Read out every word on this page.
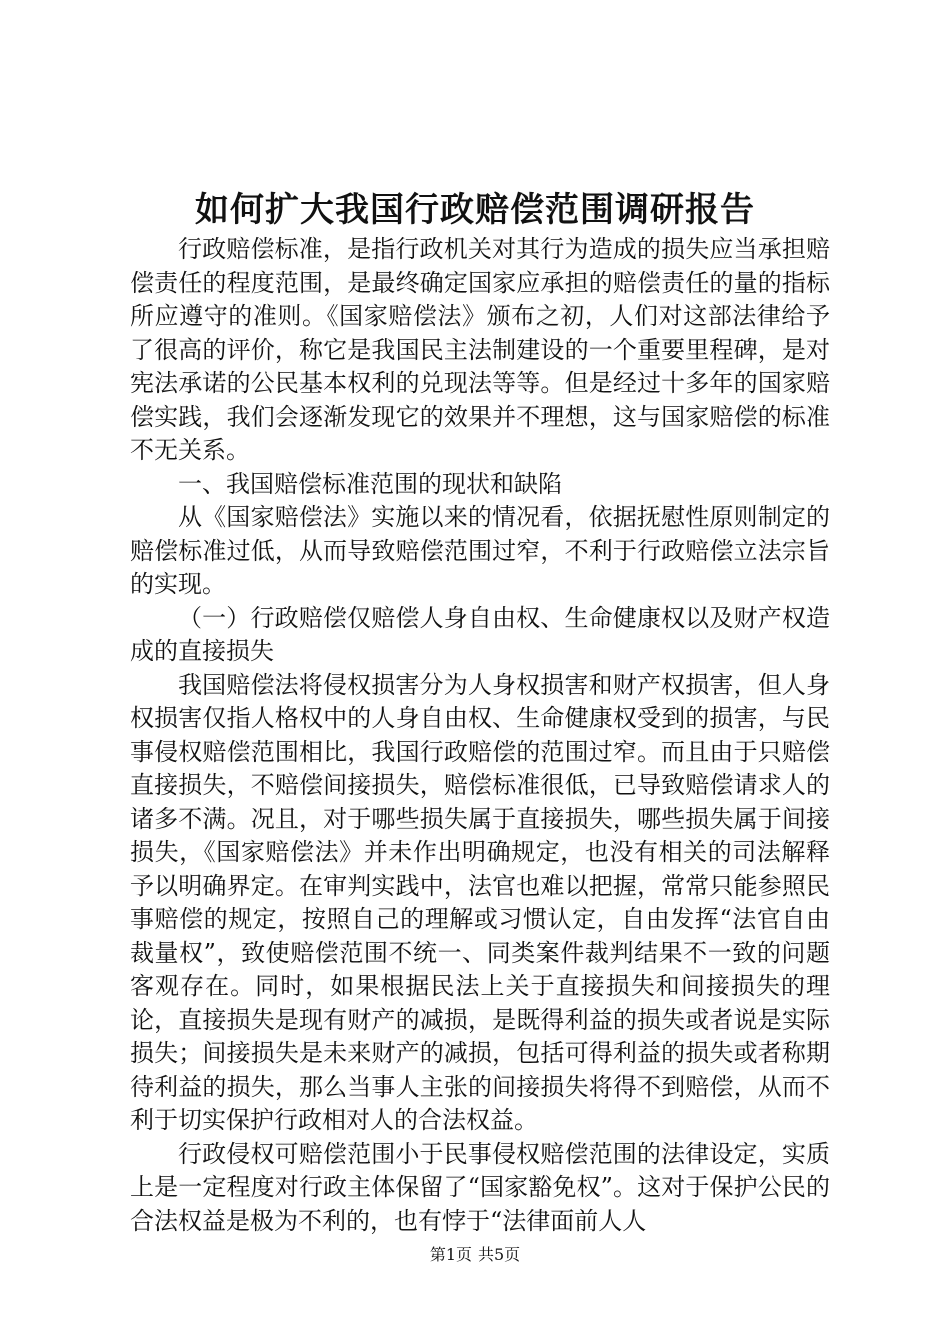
如何扩大我国行政赔偿范围调研报告

行政赔偿标准，是指行政机关对其行为造成的损失应当承担赔偿责任的程度范围，是最终确定国家应承担的赔偿责任的量的指标所应遵守的准则。《国家赔偿法》颁布之初，人们对这部法律给予了很高的评价，称它是我国民主法制建设的一个重要里程碑，是对宪法承诺的公民基本权利的兑现法等等。但是经过十多年的国家赔偿实践，我们会逐渐发现它的效果并不理想，这与国家赔偿的标准不无关系。

一、我国赔偿标准范围的现状和缺陷

从《国家赔偿法》实施以来的情况看，依据抚慰性原则制定的赔偿标准过低，从而导致赔偿范围过窄，不利于行政赔偿立法宗旨的实现。

（一）行政赔偿仅赔偿人身自由权、生命健康权以及财产权造成的直接损失

我国赔偿法将侵权损害分为人身权损害和财产权损害，但人身权损害仅指人格权中的人身自由权、生命健康权受到的损害，与民事侵权赔偿范围相比，我国行政赔偿的范围过窄。而且由于只赔偿直接损失，不赔偿间接损失，赔偿标准很低，已导致赔偿请求人的诸多不满。况且，对于哪些损失属于直接损失，哪些损失属于间接损失，《国家赔偿法》并未作出明确规定，也没有相关的司法解释予以明确界定。在审判实践中，法官也难以把握，常常只能参照民事赔偿的规定，按照自己的理解或习惯认定，自由发挥“法官自由裁量权”，致使赔偿范围不统一、同类案件裁判结果不一致的问题客观存在。同时，如果根据民法上关于直接损失和间接损失的理论，直接损失是现有财产的减损，是既得利益的损失或者说是实际损失；间接损失是未来财产的减损，包括可得利益的损失或者称期待利益的损失，那么当事人主张的间接损失将得不到赔偿，从而不利于切实保护行政相对人的合法权益。

行政侵权可赔偿范围小于民事侵权赔偿范围的法律设定，实质上是一定程度对行政主体保留了“国家豁免权”。这对于保护公民的合法权益是极为不利的，也有悖于“法律面前人人

第1页 共5页
